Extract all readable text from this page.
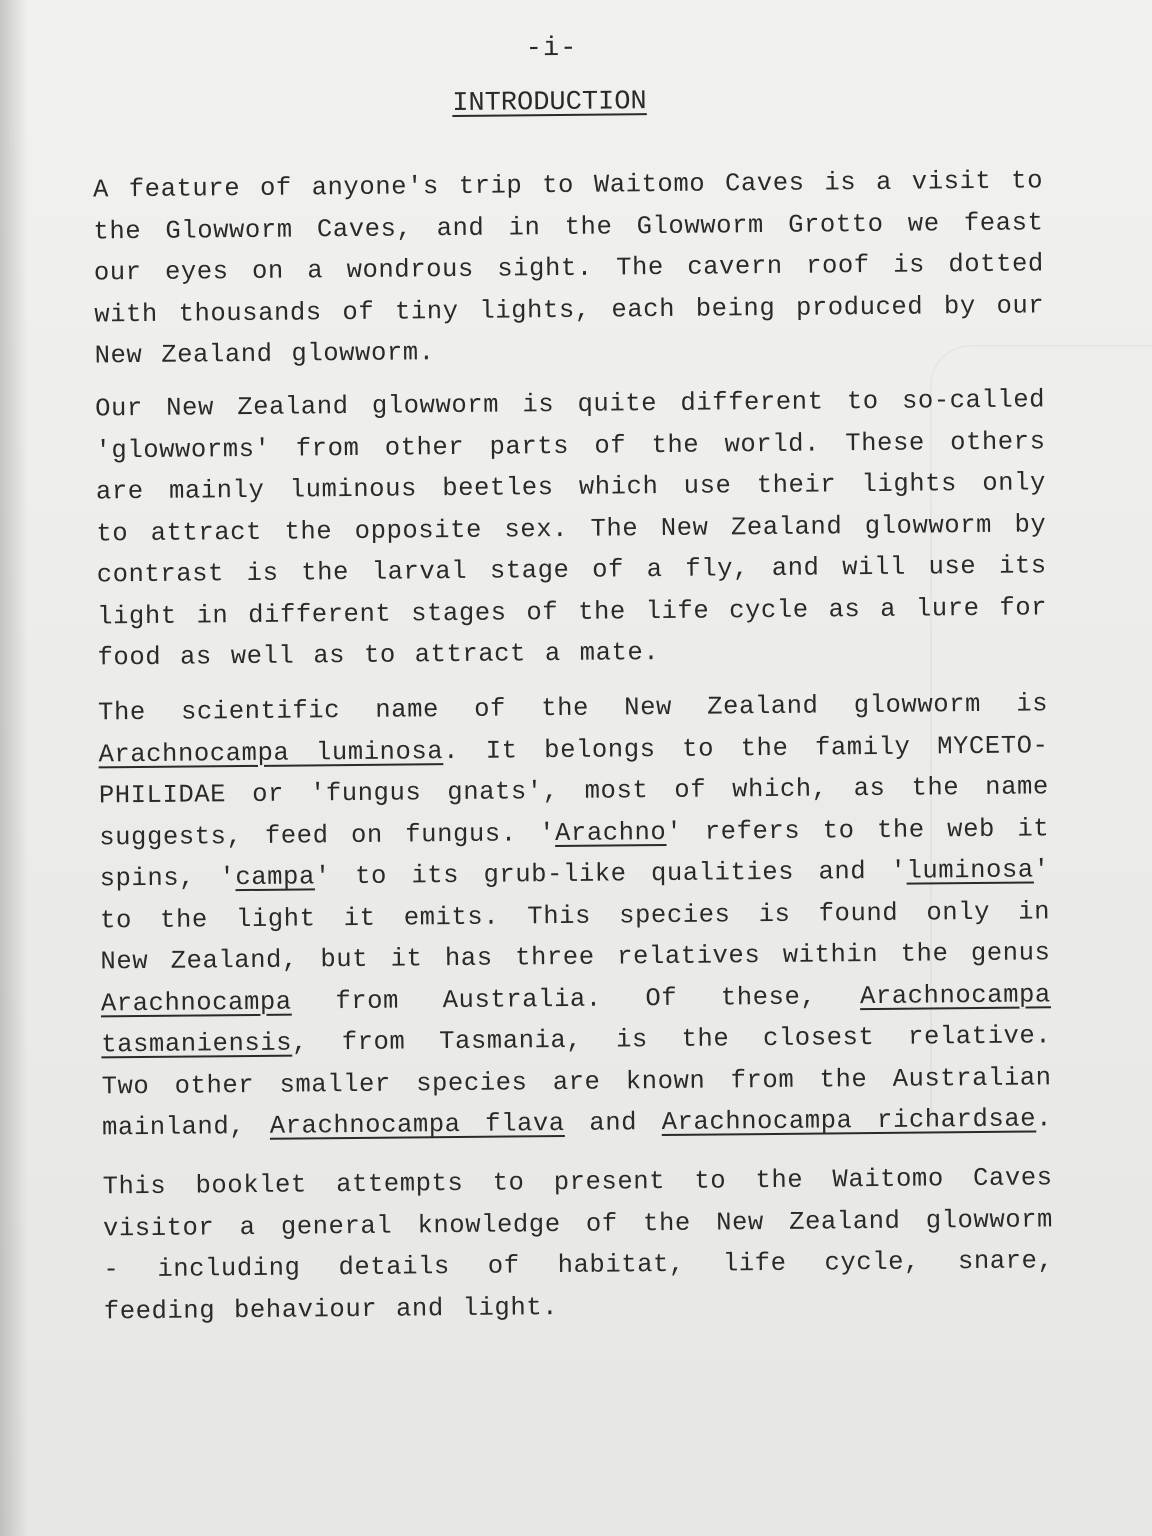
-i-
INTRODUCTION
A feature of anyone's trip to Waitomo Caves is a visit to
the Glowworm Caves, and in the Glowworm Grotto we feast
our eyes on a wondrous sight. The cavern roof is dotted
with thousands of tiny lights, each being produced by our
New Zealand glowworm.
Our New Zealand glowworm is quite different to so-called
'glowworms' from other parts of the world. These others
are mainly luminous beetles which use their lights only
to attract the opposite sex. The New Zealand glowworm by
contrast is the larval stage of a fly, and will use its
light in different stages of the life cycle as a lure for
food as well as to attract a mate.
The scientific name of the New Zealand glowworm is
Arachnocampa luminosa. It belongs to the family MYCETO-
PHILIDAE or 'fungus gnats', most of which, as the name
suggests, feed on fungus. 'Arachno' refers to the web it
spins, 'campa' to its grub-like qualities and 'luminosa'
to the light it emits. This species is found only in
New Zealand, but it has three relatives within the genus
Arachnocampa from Australia. Of these, Arachnocampa
tasmaniensis, from Tasmania, is the closest relative.
Two other smaller species are known from the Australian
mainland, Arachnocampa flava and Arachnocampa richardsae.
This booklet attempts to present to the Waitomo Caves
visitor a general knowledge of the New Zealand glowworm
- including details of habitat, life cycle, snare,
feeding behaviour and light.
